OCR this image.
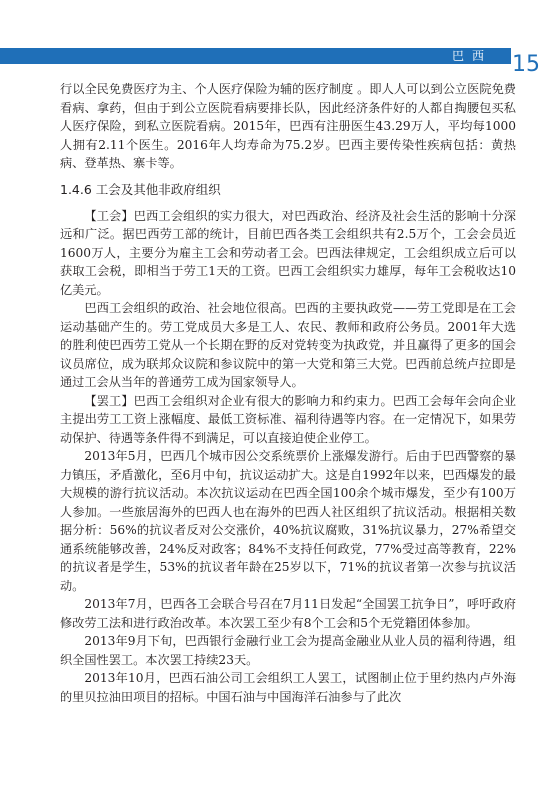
巴西 15

行以全民免费医疗为主、个人医疗保险为辅的医疗制度 。即人人可以到公立医院免费看病、拿药，但由于到公立医院看病要排长队，因此经济条件好的人都自掏腰包买私人医疗保险，到私立医院看病。2015年，巴西有注册医生43.29万人，平均每1000人拥有2.11个医生。2016年人均寿命为75.2岁。巴西主要传染性疾病包括：黄热病、登革热、寨卡等。

1.4.6 工会及其他非政府组织

【工会】巴西工会组织的实力很大，对巴西政治、经济及社会生活的影响十分深远和广泛。据巴西劳工部的统计，目前巴西各类工会组织共有2.5万个，工会会员近1600万人，主要分为雇主工会和劳动者工会。巴西法律规定，工会组织成立后可以获取工会税，即相当于劳工1天的工资。巴西工会组织实力雄厚，每年工会税收达10亿美元。

巴西工会组织的政治、社会地位很高。巴西的主要执政党——劳工党即是在工会运动基础产生的。劳工党成员大多是工人、农民、教师和政府公务员。2001年大选的胜利使巴西劳工党从一个长期在野的反对党转变为执政党，并且赢得了更多的国会议员席位，成为联邦众议院和参议院中的第一大党和第三大党。巴西前总统卢拉即是通过工会从当年的普通劳工成为国家领导人。

【罢工】巴西工会组织对企业有很大的影响力和约束力。巴西工会每年会向企业主提出劳工工资上涨幅度、最低工资标准、福利待遇等内容。在一定情况下，如果劳动保护、待遇等条件得不到满足，可以直接迫使企业停工。

2013年5月，巴西几个城市因公交系统票价上涨爆发游行。后由于巴西警察的暴力镇压，矛盾激化，至6月中旬，抗议运动扩大。这是自1992年以来，巴西爆发的最大规模的游行抗议活动。本次抗议运动在巴西全国100余个城市爆发，至少有100万人参加。一些旅居海外的巴西人也在海外的巴西人社区组织了抗议活动。根据相关数据分析：56%的抗议者反对公交涨价，40%抗议腐败，31%抗议暴力，27%希望交通系统能够改善，24%反对政客；84%不支持任何政党，77%受过高等教育，22%的抗议者是学生，53%的抗议者年龄在25岁以下，71%的抗议者第一次参与抗议活动。

2013年7月，巴西各工会联合号召在7月11日发起“全国罢工抗争日”，呼吁政府修改劳工法和进行政治改革。本次罢工至少有8个工会和5个无党籍团体参加。

2013年9月下旬，巴西银行金融行业工会为提高金融业从业人员的福利待遇，组织全国性罢工。本次罢工持续23天。

2013年10月，巴西石油公司工会组织工人罢工，试图制止位于里约热内卢外海的里贝拉油田项目的招标。中国石油与中国海洋石油参与了此次
